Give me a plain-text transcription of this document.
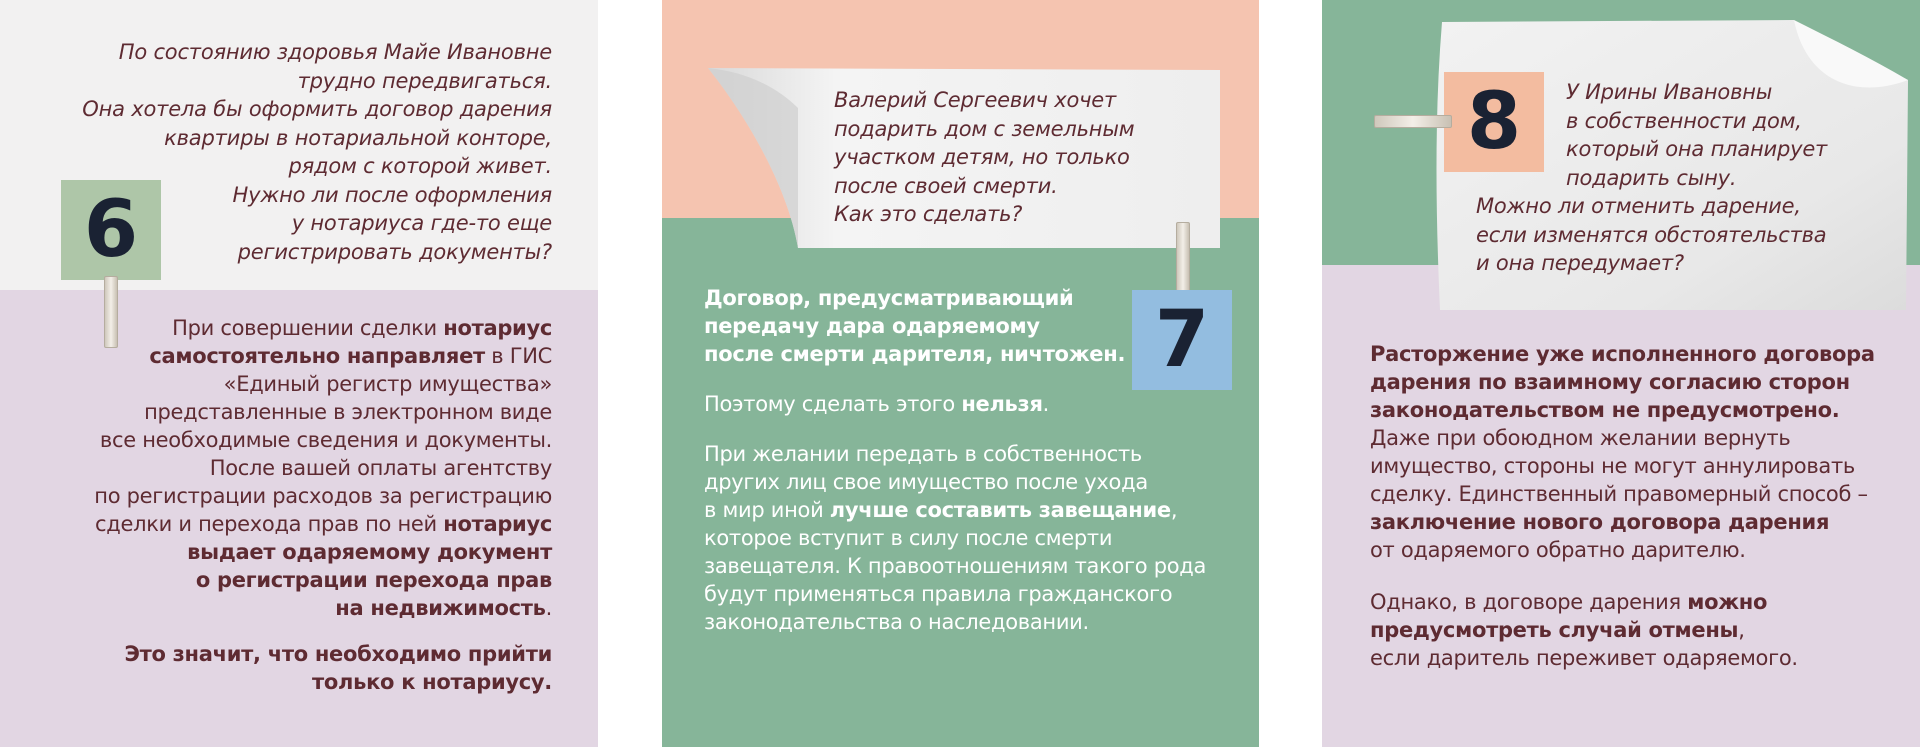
По состоянию здоровья Майе Ивановне
трудно передвигаться.
Она хотела бы оформить договор дарения
квартиры в нотариальной конторе,
рядом с которой живет.
Нужно ли после оформления
у нотариуса где-то еще
регистрировать документы?
6
При совершении сделки нотариус
самостоятельно направляет в ГИС
«Единый регистр имущества»
представленные в электронном виде
все необходимые сведения и документы.
После вашей оплаты агентству
по регистрации расходов за регистрацию
сделки и перехода прав по ней нотариус
выдает одаряемому документ
о регистрации перехода прав
на недвижимость.
Это значит, что необходимо прийти
только к нотариусу.
Валерий Сергеевич хочет
подарить дом с земельным
участком детям, но только
после своей смерти.
Как это сделать?
7
Договор, предусматривающий
передачу дара одаряемому
после смерти дарителя, ничтожен.
Поэтому сделать этого нельзя.
При желании передать в собственность
других лиц свое имущество после ухода
в мир иной лучше составить завещание,
которое вступит в силу после смерти
завещателя. К правоотношениям такого рода
будут применяться правила гражданского
законодательства о наследовании.
8 У Ирины Ивановны
в собственности дом,
который она планирует
подарить сыну.
Можно ли отменить дарение,
если изменятся обстоятельства
и она передумает?
Расторжение уже исполненного договора
дарения по взаимному согласию сторон
законодательством не предусмотрено.
Даже при обоюдном желании вернуть
имущество, стороны не могут аннулировать
сделку. Единственный правомерный способ –
заключение нового договора дарения
от одаряемого обратно дарителю.
Однако, в договоре дарения можно
предусмотреть случай отмены,
если даритель переживет одаряемого.
